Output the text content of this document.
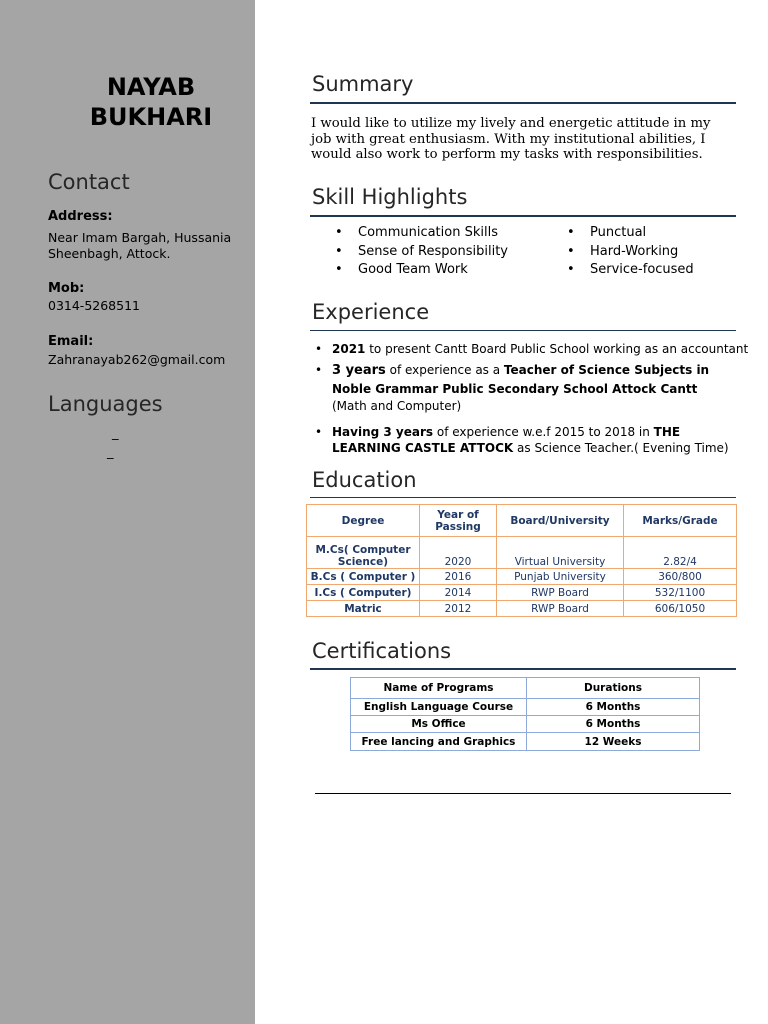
NAYAB
BUKHARI
Contact
Address:
Near Imam Bargah, Hussania
Sheenbagh, Attock.
Mob:
0314-5268511
Email:
Zahranayab262@gmail.com
Languages
_
_
Summary
I would like to utilize my lively and energetic attitude in my job with great enthusiasm. With my institutional abilities, I would also work to perform my tasks with responsibilities.
Skill Highlights
• Communication Skills
• Sense of Responsibility
• Good Team Work
• Punctual
• Hard-Working
• Service-focused
Experience
• 2021 to present Cantt Board Public School working as an accountant
• 3 years of experience as a Teacher of Science Subjects in Noble Grammar Public Secondary School Attock Cantt
(Math and Computer)
• Having 3 years of experience w.e.f 2015 to 2018 in THE LEARNING CASTLE ATTOCK as Science Teacher.( Evening Time)
Education
Degree	Year of Passing	Board/University	Marks/Grade
M.Cs( Computer Science)	2020	Virtual University	2.82/4
B.Cs ( Computer )	2016	Punjab University	360/800
I.Cs ( Computer)	2014	RWP Board	532/1100
Matric	2012	RWP Board	606/1050
Certifications
Name of Programs	Durations
English Language Course	6 Months
Ms Office	6 Months
Free lancing and Graphics	12 Weeks
